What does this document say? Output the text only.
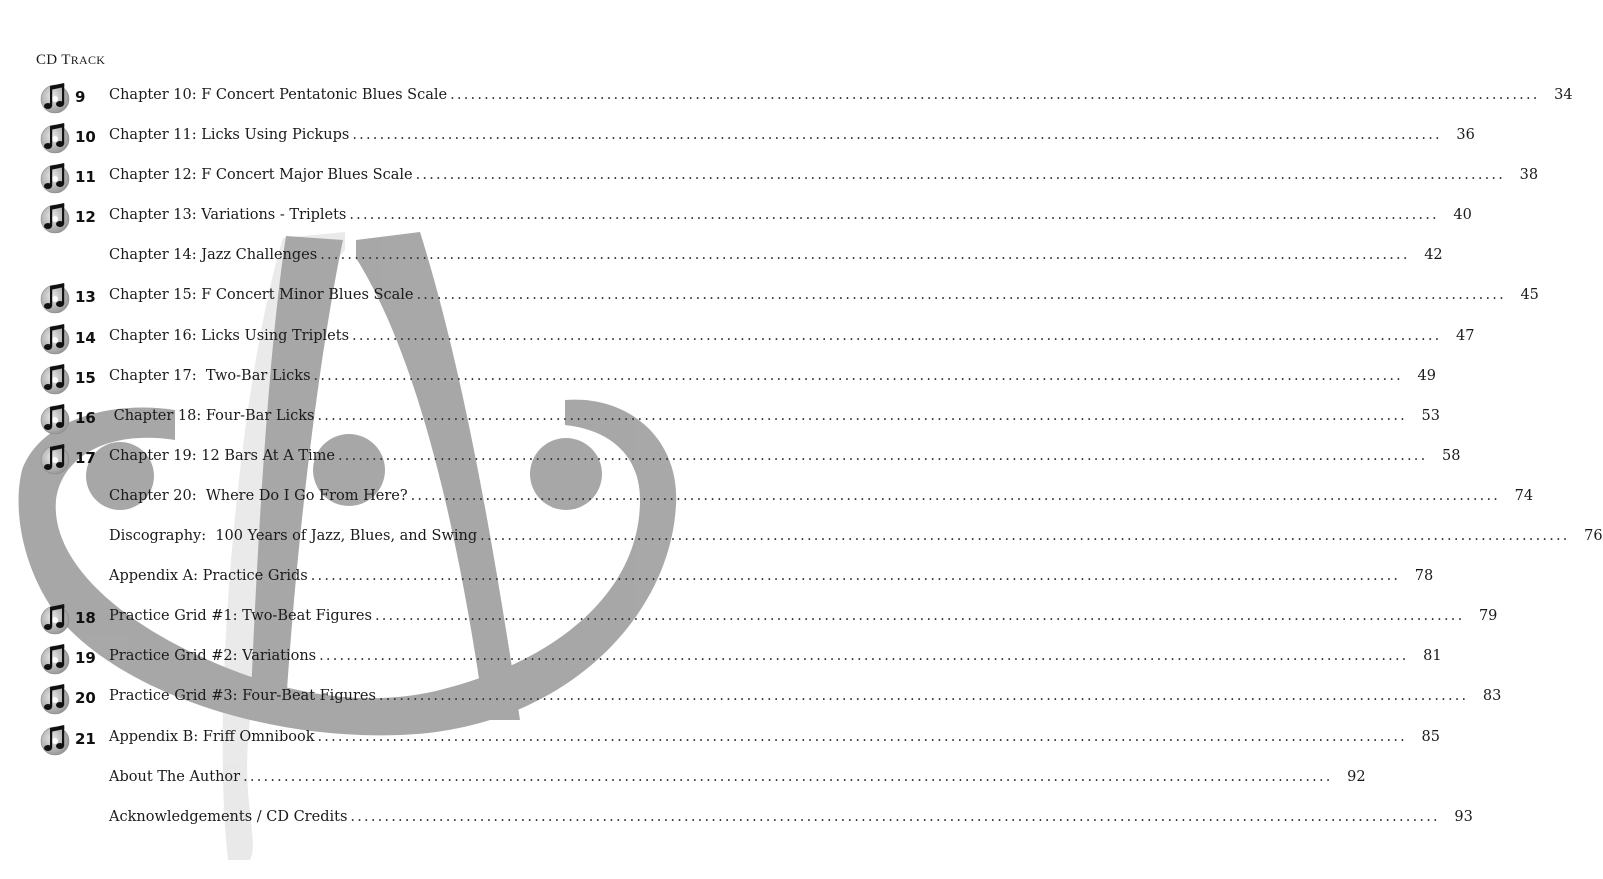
CD TRACK
9 Chapter 10: F Concert Pentatonic Blues Scale ................................................................................................................................................................	34
10 Chapter 11: Licks Using Pickups ................................................................................................................................................................	36
11 Chapter 12: F Concert Major Blues Scale ................................................................................................................................................................	38
12 Chapter 13: Variations - Triplets ................................................................................................................................................................	40
Chapter 14: Jazz Challenges ................................................................................................................................................................	42
13 Chapter 15: F Concert Minor Blues Scale ................................................................................................................................................................	45
14 Chapter 16: Licks Using Triplets ................................................................................................................................................................	47
15 Chapter 17:  Two-Bar Licks ................................................................................................................................................................	49
16 Chapter 18: Four-Bar Licks ................................................................................................................................................................	53
17 Chapter 19: 12 Bars At A Time ................................................................................................................................................................	58
Chapter 20:  Where Do I Go From Here? ................................................................................................................................................................	74
Discography:  100 Years of Jazz, Blues, and Swing ................................................................................................................................................................	76
Appendix A: Practice Grids ................................................................................................................................................................	78
18 Practice Grid #1: Two-Beat Figures ................................................................................................................................................................	79
19 Practice Grid #2: Variations ................................................................................................................................................................	81
20 Practice Grid #3: Four-Beat Figures ................................................................................................................................................................	83
21 Appendix B: Friff Omnibook ................................................................................................................................................................	85
About The Author ................................................................................................................................................................	92
Acknowledgements / CD Credits ................................................................................................................................................................	93
